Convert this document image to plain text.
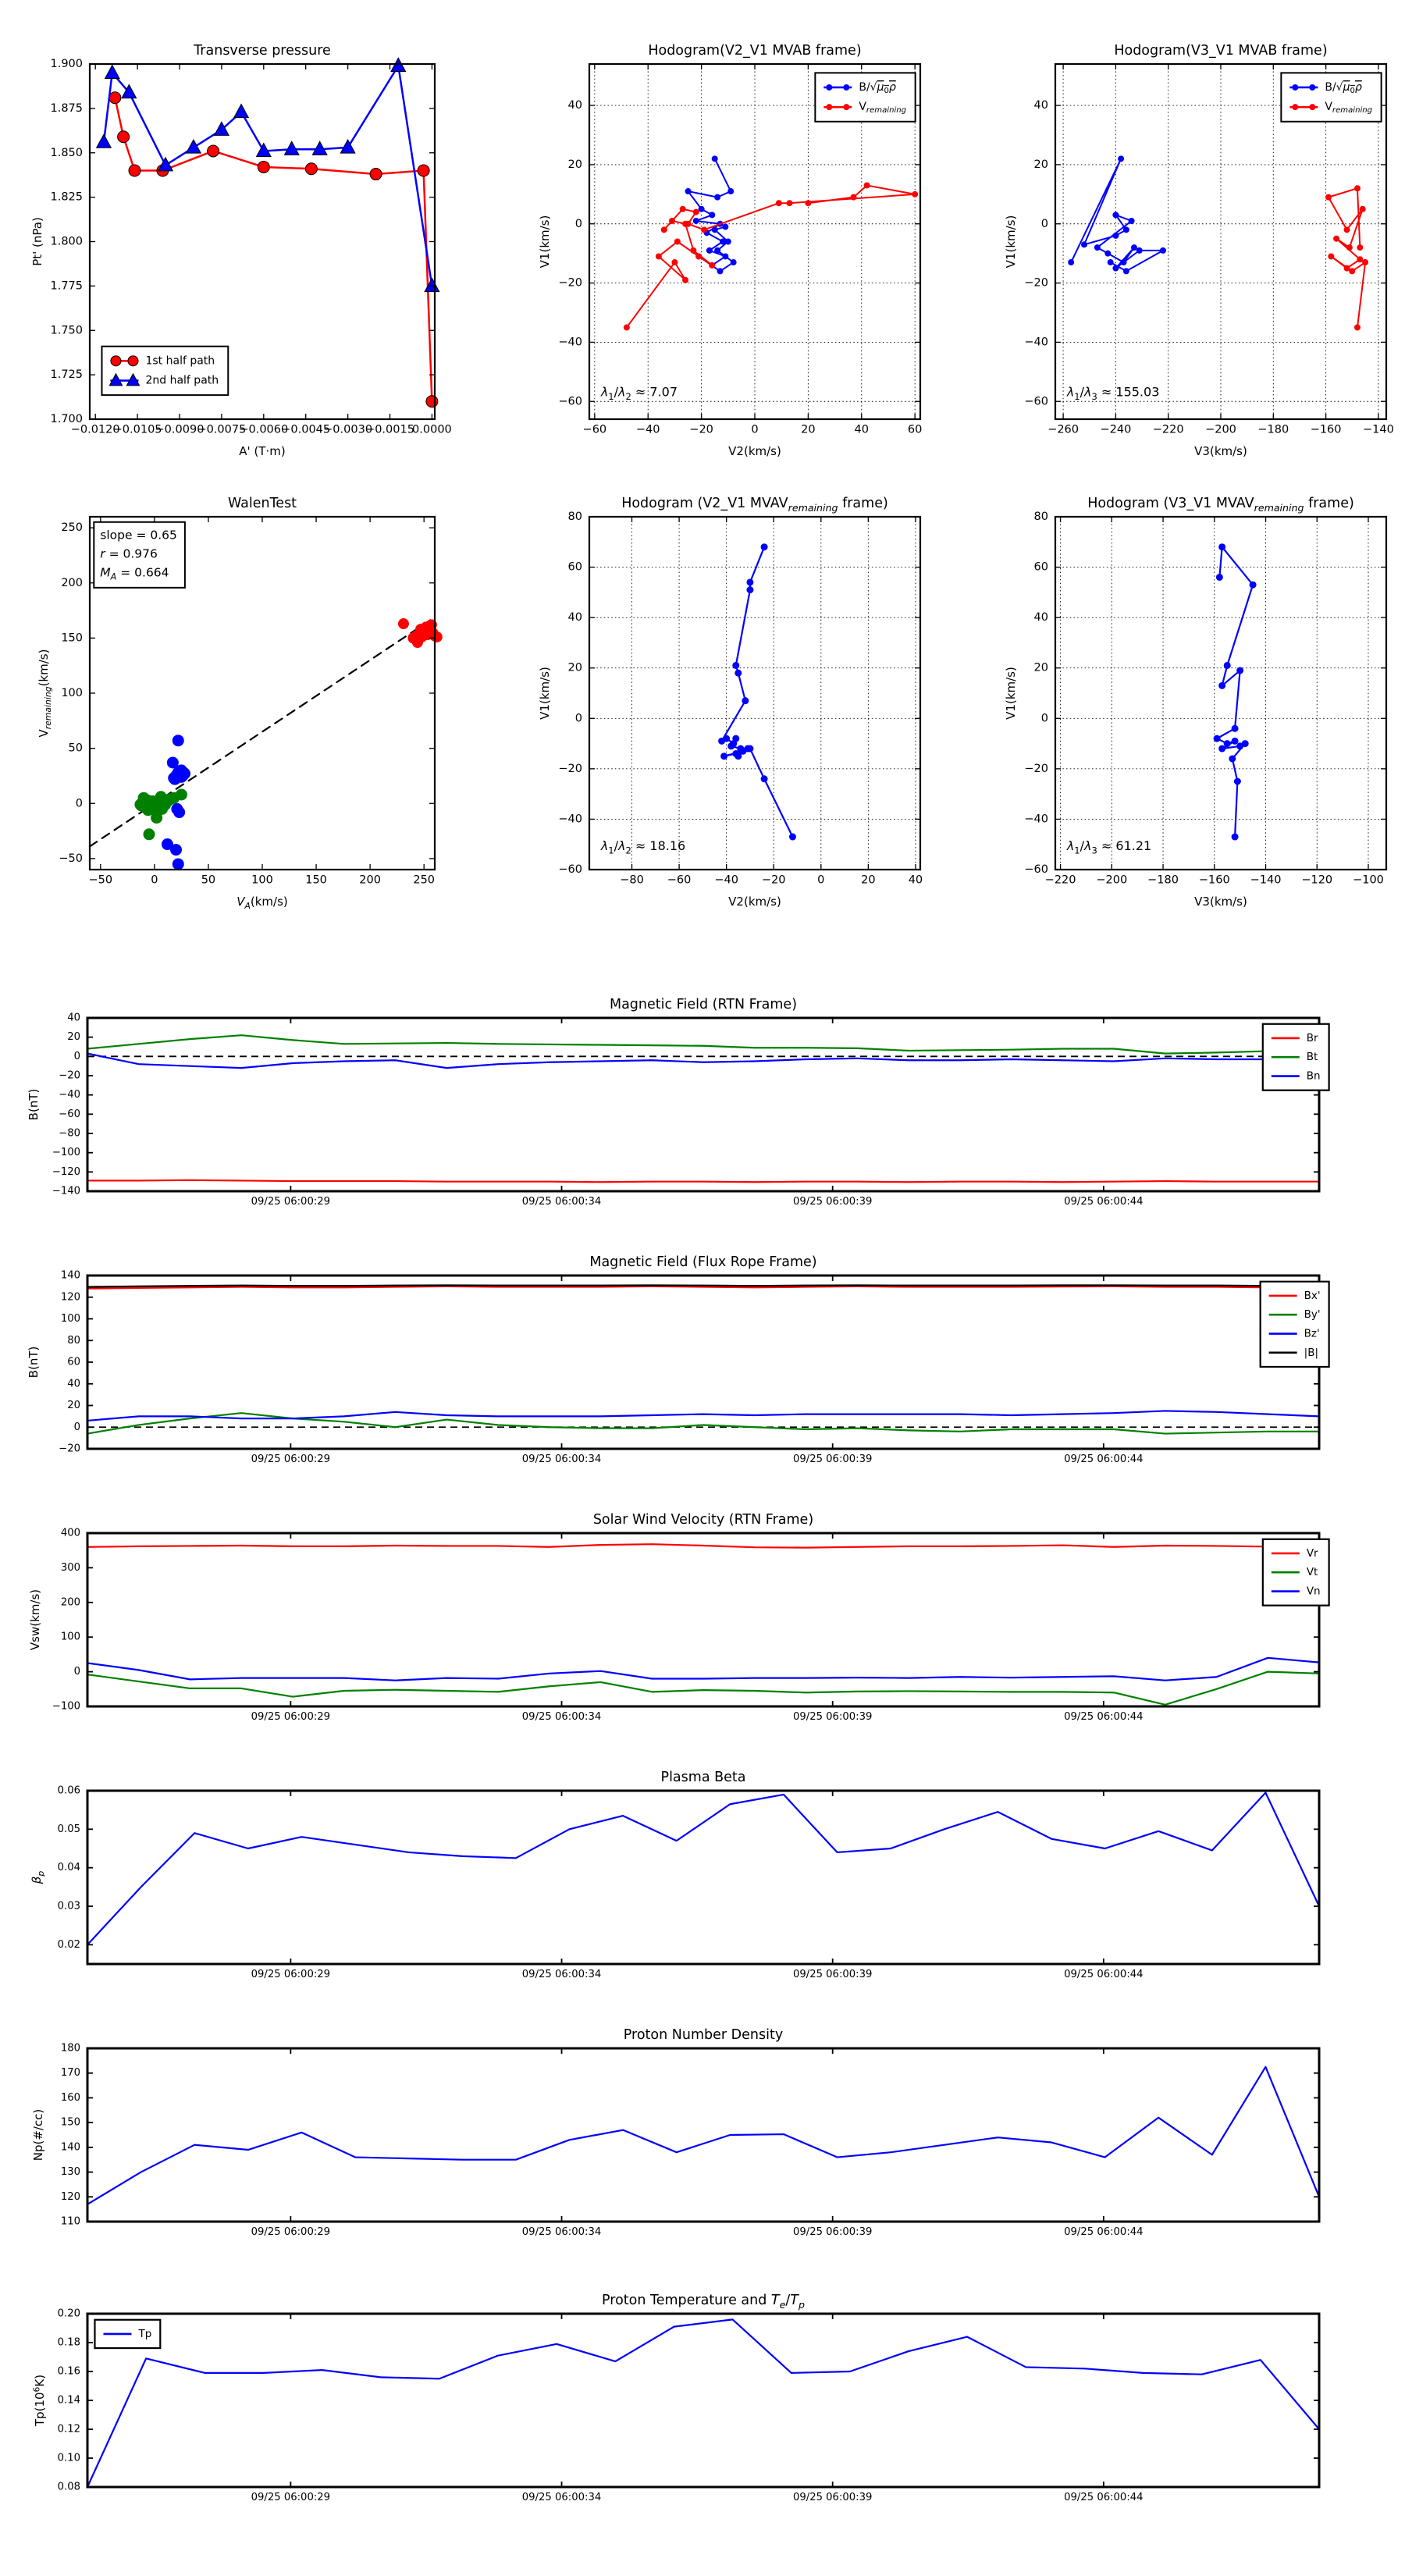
−0.0120
−0.0105
−0.0090
−0.0075
−0.0060
−0.0045
−0.0030
−0.0015
0.0000
1.700
1.725
1.750
1.775
1.800
1.825
1.850
1.875
1.900
Transverse pressure
A' (T·m)
Pt' (nPa)
1st half path
2nd half path
−60	−40	−20	0	20	40	60
−60
−40
−20
0
20
40
Hodogram(V2_V1 MVAB frame)
V2(km/s)
V1(km/s)
$\lambda_1/\lambda_2 \approx 7.07$
$B/√\mu_0\rho$
$V_{remaining}$
−260 −240 −220 −200 −180 −160 −140
−60
−40
−20
0
20
40
Hodogram(V3_V1 MVAB frame)
V3(km/s)
V1(km/s)
$\lambda_1/\lambda_3 \approx 155.03$
$B/√\mu_0\rho$
$V_{remaining}$
−50	0	50	100	150	200	250
−50
0
50
100
150
200
250
WalenTest
$V_A(km/s)$
$V_{remaining}(km/s)$
slope = 0.65
r = 0.976
$M_A = 0.664$
−80 −60 −40 −20	0	20	40
−60
−40
−20
0
20
40
60
80
Hodogram (V2_V1 $MVAV_{remaining}$ frame)
V2(km/s)
V1(km/s)
$\lambda_1/\lambda_2 \approx 18.16$
−220 −200 −180 −160 −140 −120 −100
−60
−40
−20
0
20
40
60
80
Hodogram (V3_V1 $MVAV_{remaining}$ frame)
V3(km/s)
V1(km/s)
$\lambda_1/\lambda_3 \approx 61.21$
09/25 06:00:29	09/25 06:00:34	09/25 06:00:39	09/25 06:00:44
−140
−120
−100
−80
−60
−40
−20
0
20
40
Magnetic Field (RTN Frame)
B(nT)
Br
Bt
Bn
09/25 06:00:29	09/25 06:00:34	09/25 06:00:39	09/25 06:00:44
−20
0
20
40
60
80
100
120
140
Magnetic Field (Flux Rope Frame)
B(nT)
Bx'
By'
Bz'
|B|
09/25 06:00:29	09/25 06:00:34	09/25 06:00:39	09/25 06:00:44
−100
0
100
200
300
400
Solar Wind Velocity (RTN Frame)
Vsw(km/s)
Vr
Vt
Vn
09/25 06:00:29	09/25 06:00:34	09/25 06:00:39	09/25 06:00:44
0.02
0.03
0.04
0.05
0.06
Plasma Beta
$\beta_p$
09/25 06:00:29	09/25 06:00:34	09/25 06:00:39	09/25 06:00:44
110
120
130
140
150
160
170
180
Proton Number Density
Np(#/cc)
09/25 06:00:29	09/25 06:00:34	09/25 06:00:39	09/25 06:00:44
0.08
0.10
0.12
0.14
0.16
0.18
0.20
Proton Temperature and $T_e/T_p$
$Tp(10^6K)$
Tp
